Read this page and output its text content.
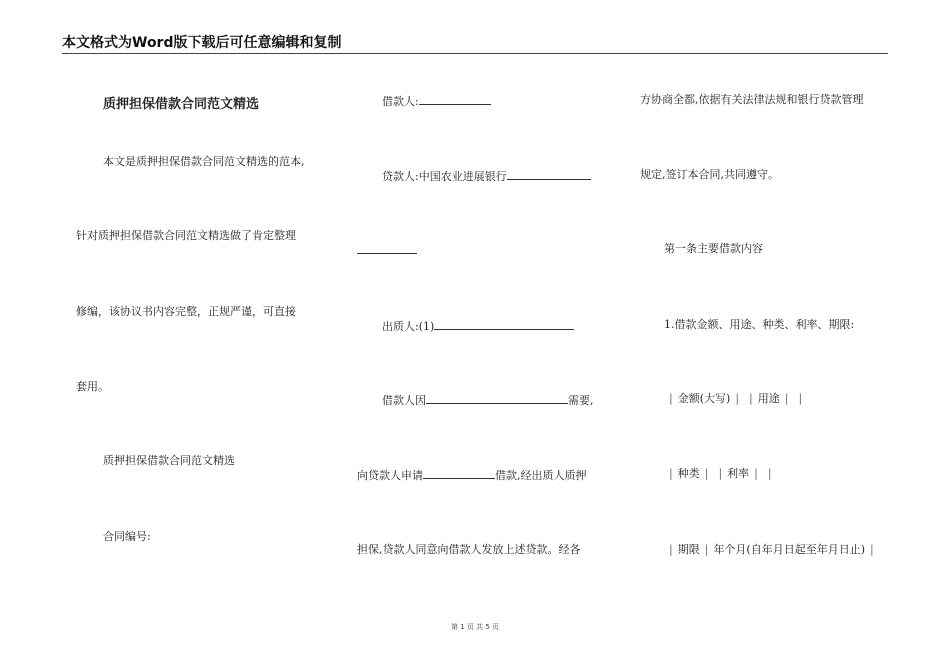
本文格式为Word版下载后可任意编辑和复制
质押担保借款合同范文精选
本文是质押担保借款合同范文精选的范本,
针对质押担保借款合同范文精选做了肯定整理
修编，该协议书内容完整，正规严谨，可直接
套用。
质押担保借款合同范文精选
合同编号:
借款人:
贷款人:中国农业进展银行
出质人:(1)
借款人因	需要,
向贷款人申请	借款,经出质人质押
担保,贷款人同意向借款人发放上述贷款。经各
方协商全都,依据有关法律法规和银行贷款管理
规定,签订本合同,共同遵守。
第一条主要借款内容
1.借款金额、用途、种类、利率、期限:
| 金额(大写) | | 用途 | |
| 种类 | | 利率 | |
| 期限 | 年个月(自年月日起至年月日止) |
第 1 页 共 5 页
